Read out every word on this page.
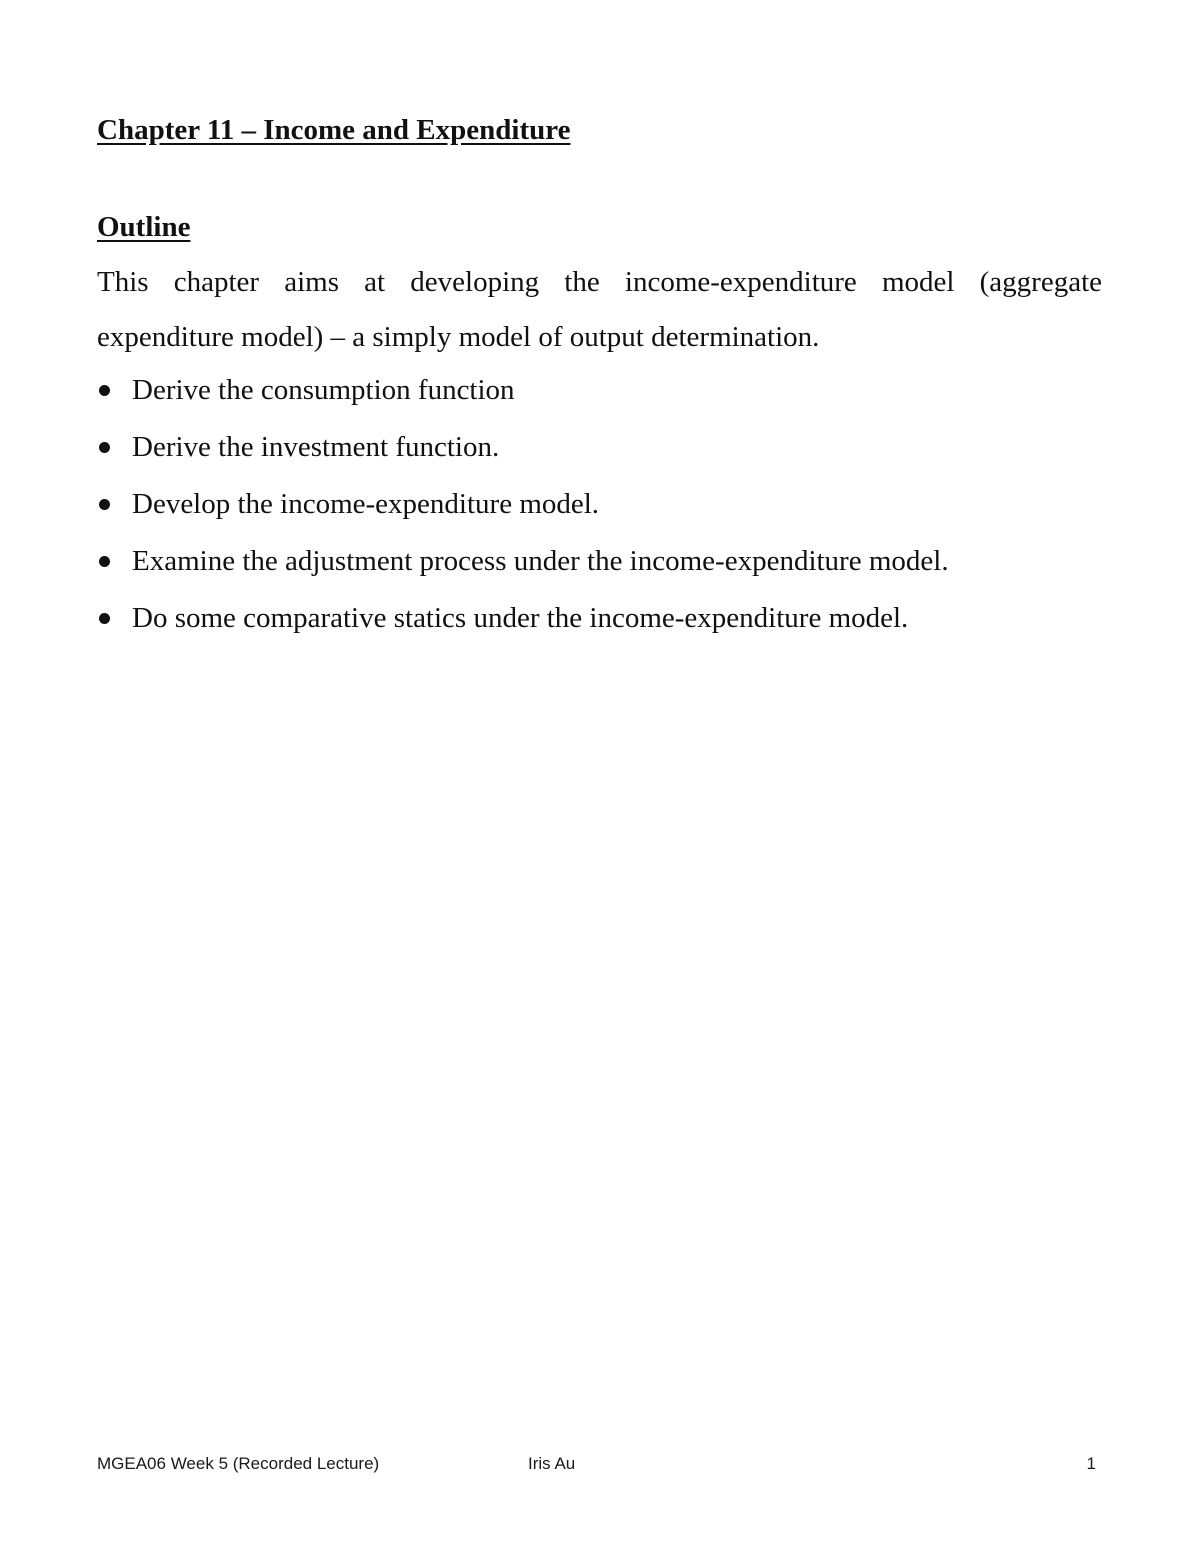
Chapter 11 – Income and Expenditure
Outline

This chapter aims at developing the income-expenditure model (aggregate expenditure model) – a simply model of output determination.

Derive the consumption function
Derive the investment function.
Develop the income-expenditure model.
Examine the adjustment process under the income-expenditure model.
Do some comparative statics under the income-expenditure model.
MGEA06 Week 5 (Recorded Lecture)	Iris Au	1
